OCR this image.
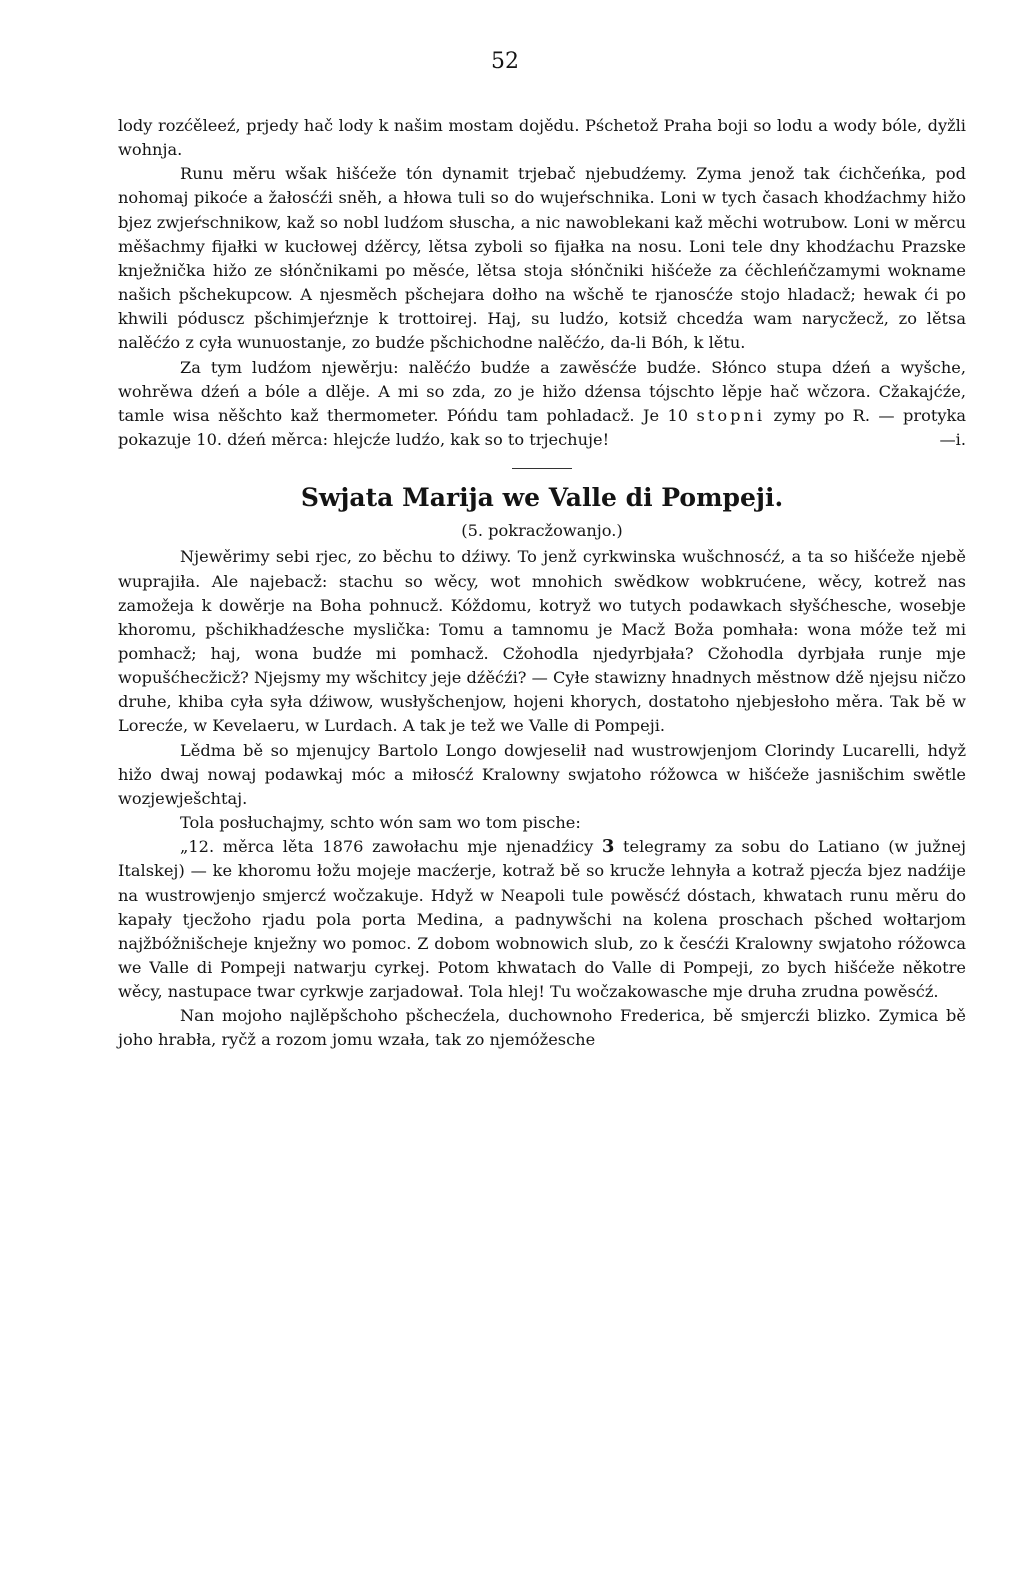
52

lody rozćěleeź, prjedy hač lody k našim mostam dojědu. Pśchetož Praha boji so lodu a wody bóle, dyžli wohnja.

Runu měru wšak hišćeže tón dynamit trjebač njebudźemy. Zyma jenož tak ćichčeńka, pod nohomaj pikoće a žałosćźi sněh, a hłowa tuli so do wujeŕschnika. Loni w tych časach khodźachmy hižo bjez zwjeŕschnikow, kaž so nobl ludźom słuscha, a nic nawoblekani kaž měchi wotrubow. Loni w měrcu měšachmy fijałki w kucłowej dźěrcy, lětsa zyboli so fijałka na nosu. Loni tele dny khodźachu Prazske knježnička hižo ze słónčnikami po měsće, lětsa stoja słónčniki hišćeže za ćěchleńčzamymi wokname našich pšchekupcow. A njesměch pšchejara dołho na wšchě te rjanosćźe stojo hladacž; hewak ći po khwili póduscz pšchimjeŕznje k trottoirej. Haj, su ludźo, kotsiž chcedźa wam narycžecž, zo lětsa nalěćźo z cyła wunuostanje, zo budźe pšchichodne nalěćźo, da-li Bóh, k lětu.

Za tym ludźom njewěrju: nalěćźo budźe a zawěsćźe budźe. Słónco stupa dźeń a wyšche, wohrěwa dźeń a bóle a dlěje. A mi so zda, zo je hižo dźensa tójschto lěpje hač wčzora. Cžakajćźe, tamle wisa něšchto kaž thermometer. Póńdu tam pohladacž. Je 10 stopni zymy po R. — protyka pokazuje 10. dźeń měrca: hlejcźe ludźo, kak so to trjechuje!	—i.

Swjata Marija we Valle di Pompeji.
(5. pokracžowanjo.)

Njewěrimy sebi rjec, zo běchu to dźiwy. To jenž cyrkwinska wušchnosćź, a ta so hišćeže njebě wuprajiła. Ale najebacž: stachu so wěcy, wot mnohich swědkow wobkrućene, wěcy, kotrež nas zamožeja k dowěrje na Boha pohnucž. Kóždomu, kotryž wo tutych podawkach słyšćhesche, wosebje khoromu, pšchikhadźesche myslička: Tomu a tamnomu je Macž Boža pomhała: wona móže tež mi pomhacž; haj, wona budźe mi pomhacž. Cžohodla njedyrbjała? Cžohodla dyrbjała runje mje wopušćhecžicž? Njejsmy my wšchitcy jeje dźěćźi? — Cyłe stawizny hnadnych městnow dźě njejsu ničzo druhe, khiba cyła syła dźiwow, wusłyšchenjow, hojeni khorych, dostatoho njebjesłoho měra. Tak bě w Lorecźe, w Kevelaeru, w Lurdach. A tak je tež we Valle di Pompeji.

Lědma bě so mjenujcy Bartolo Longo dowjeselił nad wustrowjenjom Clorindy Lucarelli, hdyž hižo dwaj nowaj podawkaj móc a miłosćź Kralowny swjatoho róžowca w hišćeže jasnišchim swětle wozjewješchtaj.

Tola posłuchajmy, schto wón sam wo tom pische:

„12. měrca lěta 1876 zawołachu mje njenadźicy 3 telegramy za sobu do Latiano (w južnej Italskej) — ke khoromu łožu mojeje macźerje, kotraž bě so krucže lehnyła a kotraž pjecźa bjez nadźije na wustrowjenjo smjercź wočzakuje. Hdyž w Neapoli tule powěsćź dóstach, khwatach runu měru do kapały tjecžoho rjadu pola porta Medina, a padnywšchi na kolena proschach pšched wołtarjom najžbóžnišcheje knježny wo pomoc. Z dobom wobnowich slub, zo k česćźi Kralowny swjatoho róžowca we Valle di Pompeji natwarju cyrkej. Potom khwatach do Valle di Pompeji, zo bych hišćeže někotre wěcy, nastupace twar cyrkwje zarjadował. Tola hlej! Tu wočzakowasche mje druha zrudna powěsćź.

Nan mojoho najlěpšchoho pšchecźela, duchownoho Frederica, bě smjercźi blizko. Zymica bě joho hrabła, ryčž a rozom jomu wzała, tak zo njemóžesche
